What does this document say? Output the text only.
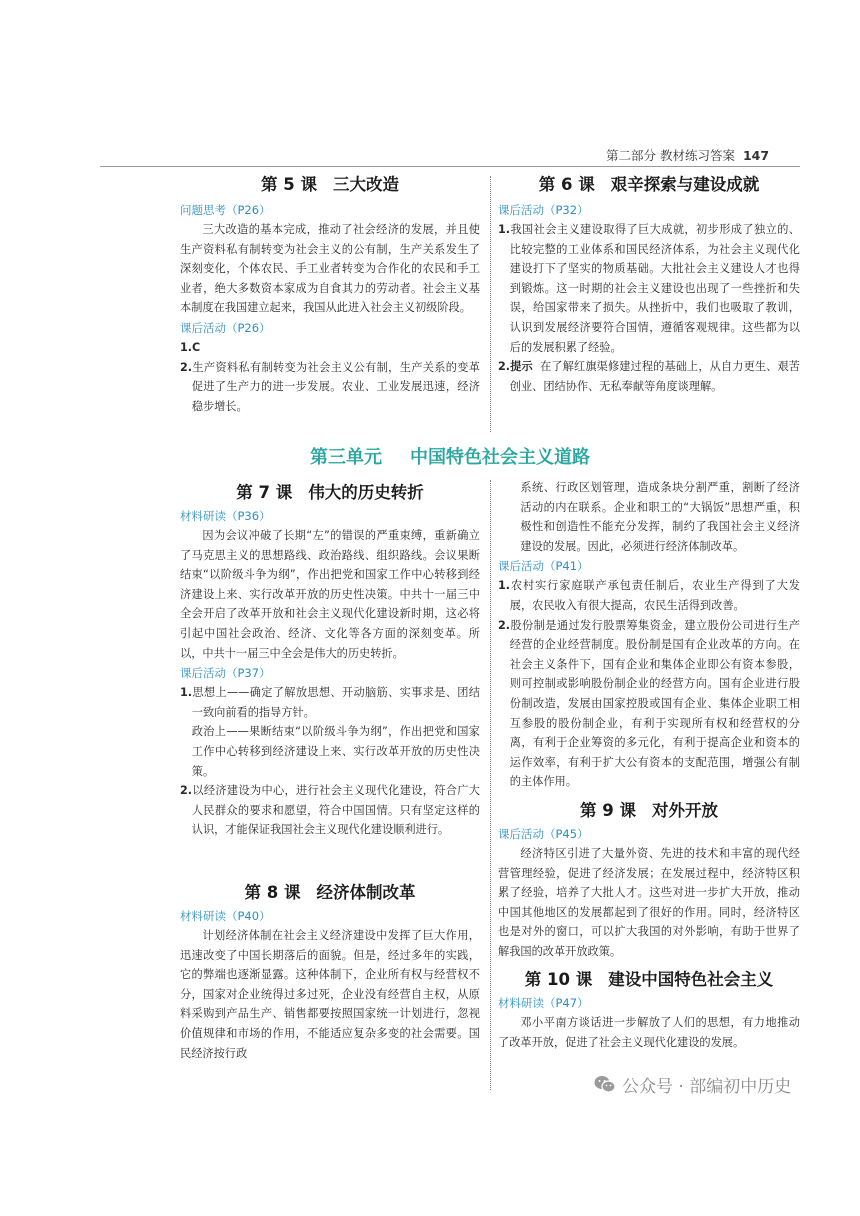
第二部分 教材练习答案 147
第 5 课 三大改造
问题思考（P26）

三大改造的基本完成，推动了社会经济的发展，并且使生产资料私有制转变为社会主义的公有制，生产关系发生了深刻变化，个体农民、手工业者转变为合作化的农民和手工业者，绝大多数资本家成为自食其力的劳动者。社会主义基本制度在我国建立起来，我国从此进入社会主义初级阶段。

课后活动（P26）

1.C

2.生产资料私有制转变为社会主义公有制，生产关系的变革促进了生产力的进一步发展。农业、工业发展迅速，经济稳步增长。

第 6 课 艰辛探索与建设成就
课后活动（P32）

1.我国社会主义建设取得了巨大成就，初步形成了独立的、比较完整的工业体系和国民经济体系，为社会主义现代化建设打下了坚实的物质基础。大批社会主义建设人才也得到锻炼。这一时期的社会主义建设也出现了一些挫折和失误，给国家带来了损失。从挫折中，我们也吸取了教训，认识到发展经济要符合国情，遵循客观规律。这些都为以后的发展积累了经验。

2.提示 在了解红旗渠修建过程的基础上，从自力更生、艰苦创业、团结协作、无私奉献等角度谈理解。

第三单元 中国特色社会主义道路
第 7 课 伟大的历史转折
材料研读（P36）

因为会议冲破了长期“左”的错误的严重束缚，重新确立了马克思主义的思想路线、政治路线、组织路线。会议果断结束“以阶级斗争为纲”，作出把党和国家工作中心转移到经济建设上来、实行改革开放的历史性决策。中共十一届三中全会开启了改革开放和社会主义现代化建设新时期，这必将引起中国社会政治、经济、文化等各方面的深刻变革。所以，中共十一届三中全会是伟大的历史转折。

课后活动（P37）

1.思想上——确定了解放思想、开动脑筋、实事求是、团结一致向前看的指导方针。

政治上——果断结束“以阶级斗争为纲”，作出把党和国家工作中心转移到经济建设上来、实行改革开放的历史性决策。

2.以经济建设为中心，进行社会主义现代化建设，符合广大人民群众的要求和愿望，符合中国国情。只有坚定这样的认识，才能保证我国社会主义现代化建设顺利进行。

第 8 课 经济体制改革
材料研读（P40）

计划经济体制在社会主义经济建设中发挥了巨大作用，迅速改变了中国长期落后的面貌。但是，经过多年的实践，它的弊端也逐渐显露。这种体制下，企业所有权与经营权不分，国家对企业统得过多过死，企业没有经营自主权，从原料采购到产品生产、销售都要按照国家统一计划进行，忽视价值规律和市场的作用，不能适应复杂多变的社会需要。国民经济按行政

系统、行政区划管理，造成条块分割严重，割断了经济活动的内在联系。企业和职工的“大锅饭”思想严重，积极性和创造性不能充分发挥，制约了我国社会主义经济建设的发展。因此，必须进行经济体制改革。

课后活动（P41）

1.农村实行家庭联产承包责任制后，农业生产得到了大发展，农民收入有很大提高，农民生活得到改善。

2.股份制是通过发行股票筹集资金，建立股份公司进行生产经营的企业经营制度。股份制是国有企业改革的方向。在社会主义条件下，国有企业和集体企业即公有资本参股，则可控制或影响股份制企业的经营方向。国有企业进行股份制改造，发展由国家控股或国有企业、集体企业职工相互参股的股份制企业，有利于实现所有权和经营权的分离，有利于企业筹资的多元化，有利于提高企业和资本的运作效率，有利于扩大公有资本的支配范围，增强公有制的主体作用。

第 9 课 对外开放
课后活动（P45）

经济特区引进了大量外资、先进的技术和丰富的现代经营管理经验，促进了经济发展；在发展过程中，经济特区积累了经验，培养了大批人才。这些对进一步扩大开放，推动中国其他地区的发展都起到了很好的作用。同时，经济特区也是对外的窗口，可以扩大我国的对外影响，有助于世界了解我国的改革开放政策。

第 10 课 建设中国特色社会主义
材料研读（P47）

邓小平南方谈话进一步解放了人们的思想，有力地推动了改革开放，促进了社会主义现代化建设的发展。

公众号 · 部编初中历史
